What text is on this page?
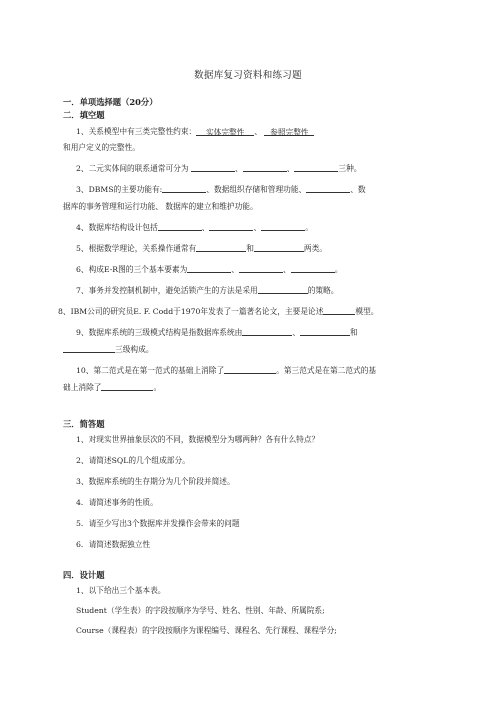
数据库复习资料和练习题
一．单项选择题（20分）
二．填空题
1、关系模型中有三类完整性约束： 实体完整性 、 参照完整性
和用户定义的完整性。
2、二元实体间的联系通常可分为	、	、	三种。
3、DBMS的主要功能有:	、数据组织存储和管理功能、	、数
据库的事务管理和运行功能、 数据库的建立和维护功能。
4、数据库结构设计包括	、	、	。
5、根据数学理论，关系操作通常有	和	两类。
6、构成E-R图的三个基本要素为	、	、	。
7、事务并发控制机制中，避免活锁产生的方法是采用	的策略。
8、IBM公司的研究员E. F. Codd于1970年发表了一篇著名论文，主要是论述	模型。
9、数据库系统的三级模式结构是指数据库系统由	、	和
三级构成。
10、第二范式是在第一范式的基础上消除了	。第三范式是在第二范式的基
础上消除了	。
三．简答题
1、对现实世界抽象层次的不同，数据模型分为哪两种？各有什么特点？
2、请简述SQL的几个组成部分。
3、数据库系统的生存期分为几个阶段并简述。
4．请简述事务的性质。
5．请至少写出3个数据库并发操作会带来的问题
6．请简述数据独立性
四．设计题
1、以下给出三个基本表。
Student（学生表）的字段按顺序为学号、姓名、性别、年龄、所属院系;
Course（课程表）的字段按顺序为课程编号、课程名、先行课程、课程学分;
